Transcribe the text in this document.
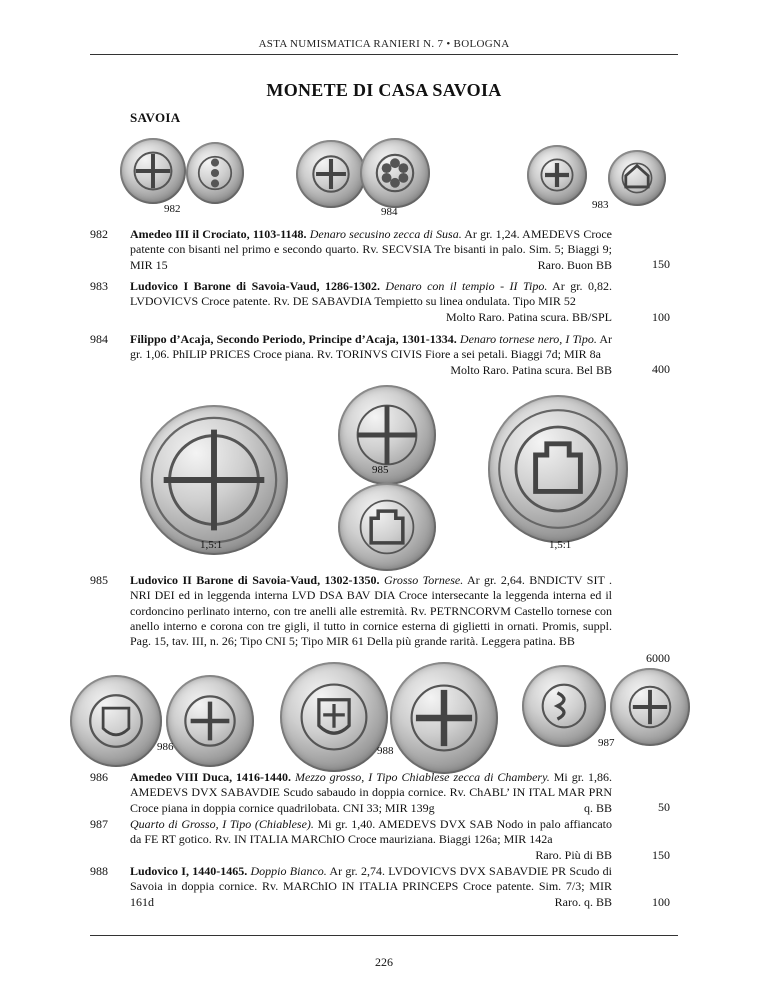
ASTA NUMISMATICA RANIERI N. 7 • BOLOGNA
MONETE DI CASA SAVOIA
SAVOIA
982	984
983
982 Amedeo III il Crociato, 1103-1148. Denaro secusino zecca di Susa. Ar gr. 1,24. AMEDEVS Croce patente con bisanti nel primo e secondo quarto. Rv. SECVSIA Tre bisanti in palo. Sim. 5; Biaggi 9; MIR 15	Raro. Buon BB	150
983 Ludovico I Barone di Savoia-Vaud, 1286-1302. Denaro con il tempio - II Tipo. Ar gr. 0,82. LVDOVICVS Croce patente. Rv. DE SABAVDIA Tempietto su linea ondulata. Tipo MIR 52
Molto Raro. Patina scura. BB/SPL	100
984 Filippo d’Acaja, Secondo Periodo, Principe d’Acaja, 1301-1334. Denaro tornese nero, I Tipo. Ar gr. 1,06. PhILIP PRICES Croce piana. Rv. TORINVS CIVIS Fiore a sei petali. Biaggi 7d; MIR 8a
Molto Raro. Patina scura. Bel BB	400
985
1,5:1	1,5:1
985 Ludovico II Barone di Savoia-Vaud, 1302-1350. Grosso Tornese. Ar gr. 2,64. BNDICTV SIT . NRI DEI ed in leggenda interna LVD DSA BAV DIA Croce intersecante la leggenda interna ed il cordoncino perlinato interno, con tre anelli alle estremità. Rv. PETRNCORVM Castello tornese con anello interno e corona con tre gigli, il tutto in cornice esterna di giglietti in ornati. Promis, suppl. Pag. 15, tav. III, n. 26; Tipo CNI 5; Tipo MIR 61 Della più grande rarità. Leggera patina. BB
6000
986	988
987
986 Amedeo VIII Duca, 1416-1440. Mezzo grosso, I Tipo Chiablese zecca di Chambery. Mi gr. 1,86. AMEDEVS DVX SABAVDIE Scudo sabaudo in doppia cornice. Rv. ChABL’ IN ITAL MAR PRN Croce piana in doppia cornice quadrilobata. CNI 33; MIR 139g	q. BB	50
987 Quarto di Grosso, I Tipo (Chiablese). Mi gr. 1,40. AMEDEVS DVX SAB Nodo in palo affiancato da FE RT gotico. Rv. IN ITALIA MARChIO Croce mauriziana. Biaggi 126a; MIR 142a
Raro. Più di BB	150
988 Ludovico I, 1440-1465. Doppio Bianco. Ar gr. 2,74. LVDOVICVS DVX SABAVDIE PR Scudo di Savoia in doppia cornice. Rv. MARChIO IN ITALIA PRINCEPS Croce patente. Sim. 7/3; MIR 161d	Raro. q. BB	100
226
